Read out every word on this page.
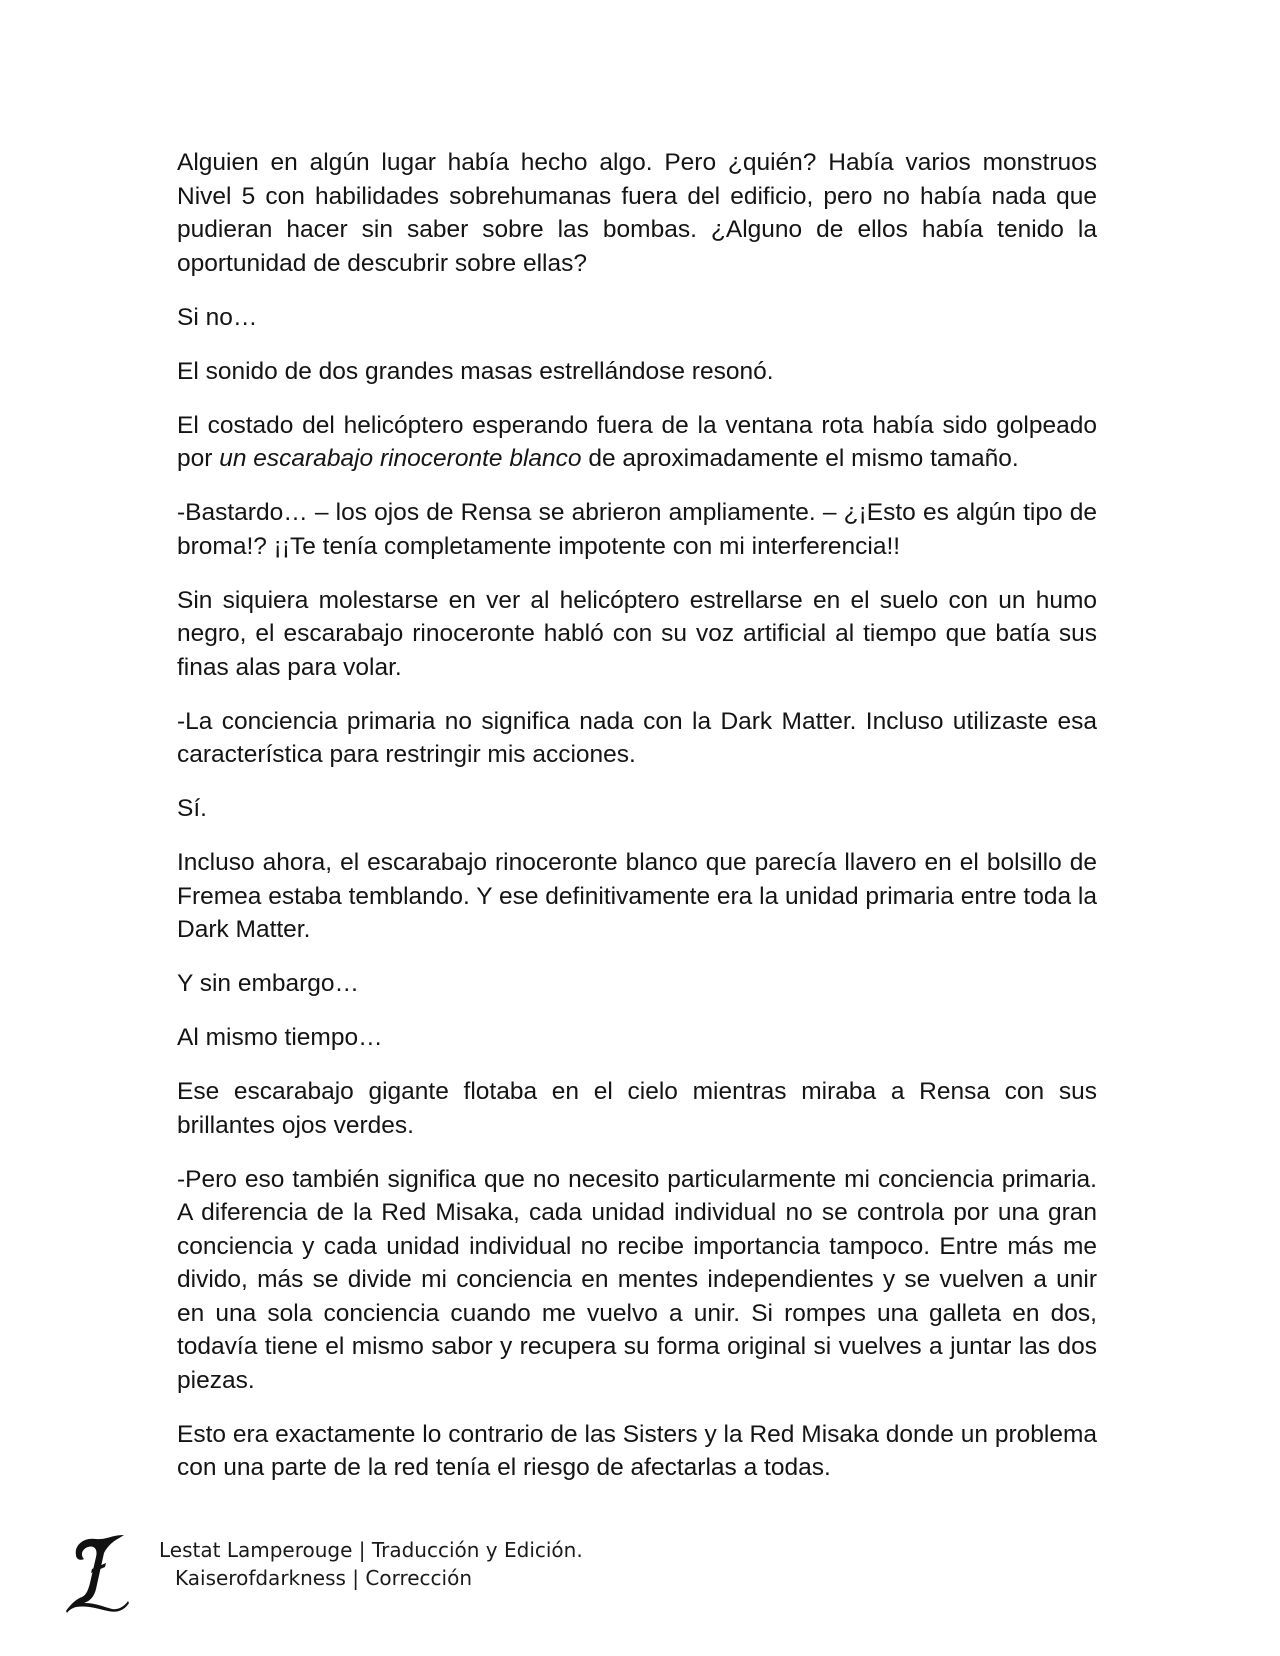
Alguien en algún lugar había hecho algo. Pero ¿quién? Había varios monstruos Nivel 5 con habilidades sobrehumanas fuera del edificio, pero no había nada que pudieran hacer sin saber sobre las bombas. ¿Alguno de ellos había tenido la oportunidad de descubrir sobre ellas?

Si no…

El sonido de dos grandes masas estrellándose resonó.

El costado del helicóptero esperando fuera de la ventana rota había sido golpeado por un escarabajo rinoceronte blanco de aproximadamente el mismo tamaño.

-Bastardo… – los ojos de Rensa se abrieron ampliamente. – ¿¡Esto es algún tipo de broma!? ¡¡Te tenía completamente impotente con mi interferencia!!

Sin siquiera molestarse en ver al helicóptero estrellarse en el suelo con un humo negro, el escarabajo rinoceronte habló con su voz artificial al tiempo que batía sus finas alas para volar.

-La conciencia primaria no significa nada con la Dark Matter. Incluso utilizaste esa característica para restringir mis acciones.

Sí.

Incluso ahora, el escarabajo rinoceronte blanco que parecía llavero en el bolsillo de Fremea estaba temblando. Y ese definitivamente era la unidad primaria entre toda la Dark Matter.

Y sin embargo…

Al mismo tiempo…

Ese escarabajo gigante flotaba en el cielo mientras miraba a Rensa con sus brillantes ojos verdes.

-Pero eso también significa que no necesito particularmente mi conciencia primaria. A diferencia de la Red Misaka, cada unidad individual no se controla por una gran conciencia y cada unidad individual no recibe importancia tampoco. Entre más me divido, más se divide mi conciencia en mentes independientes y se vuelven a unir en una sola conciencia cuando me vuelvo a unir. Si rompes una galleta en dos, todavía tiene el mismo sabor y recupera su forma original si vuelves a juntar las dos piezas.

Esto era exactamente lo contrario de las Sisters y la Red Misaka donde un problema con una parte de la red tenía el riesgo de afectarlas a todas.

Lestat Lamperouge | Traducción y Edición.
Kaiserofdarkness | Corrección
